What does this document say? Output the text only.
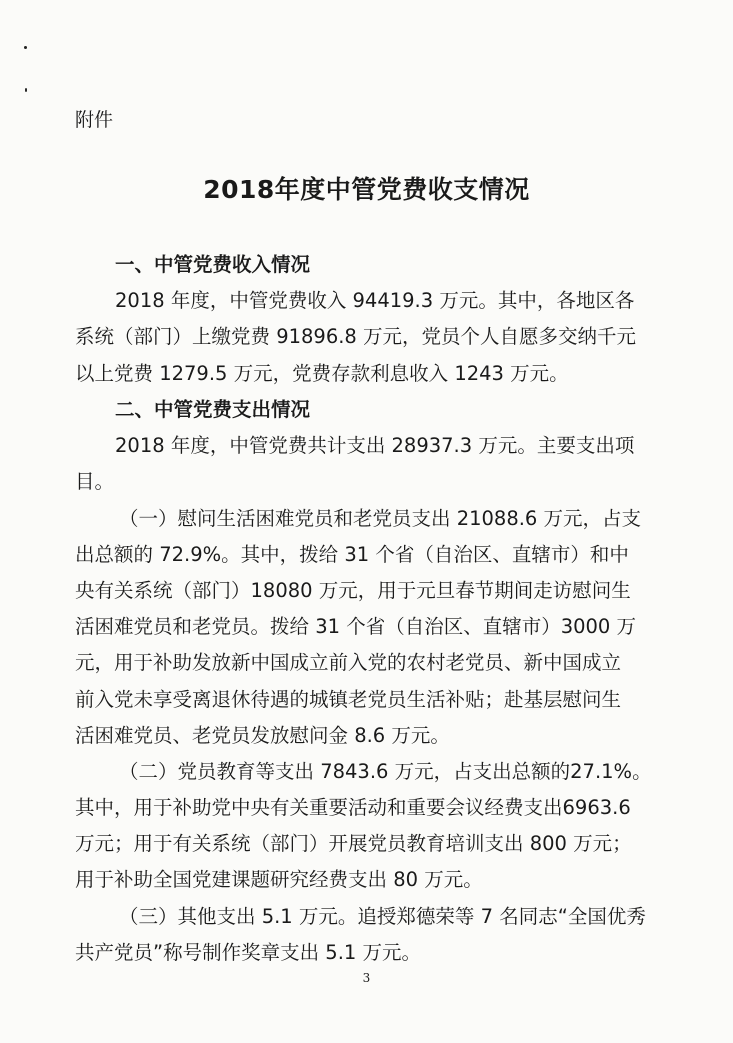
附件
2018年度中管党费收支情况
一、中管党费收入情况
2018 年度，中管党费收入 94419.3 万元。其中，各地区各
系统（部门）上缴党费 91896.8 万元，党员个人自愿多交纳千元
以上党费 1279.5 万元，党费存款利息收入 1243 万元。
二、中管党费支出情况
2018 年度，中管党费共计支出 28937.3 万元。主要支出项
目。
（一）慰问生活困难党员和老党员支出 21088.6 万元，占支
出总额的 72.9%。其中，拨给 31 个省（自治区、直辖市）和中
央有关系统（部门）18080 万元，用于元旦春节期间走访慰问生
活困难党员和老党员。拨给 31 个省（自治区、直辖市）3000 万
元，用于补助发放新中国成立前入党的农村老党员、新中国成立
前入党未享受离退休待遇的城镇老党员生活补贴；赴基层慰问生
活困难党员、老党员发放慰问金 8.6 万元。
（二）党员教育等支出 7843.6 万元，占支出总额的27.1%。
其中，用于补助党中央有关重要活动和重要会议经费支出6963.6
万元；用于有关系统（部门）开展党员教育培训支出 800 万元；
用于补助全国党建课题研究经费支出 80 万元。
（三）其他支出 5.1 万元。追授郑德荣等 7 名同志“全国优秀
共产党员”称号制作奖章支出 5.1 万元。
3
